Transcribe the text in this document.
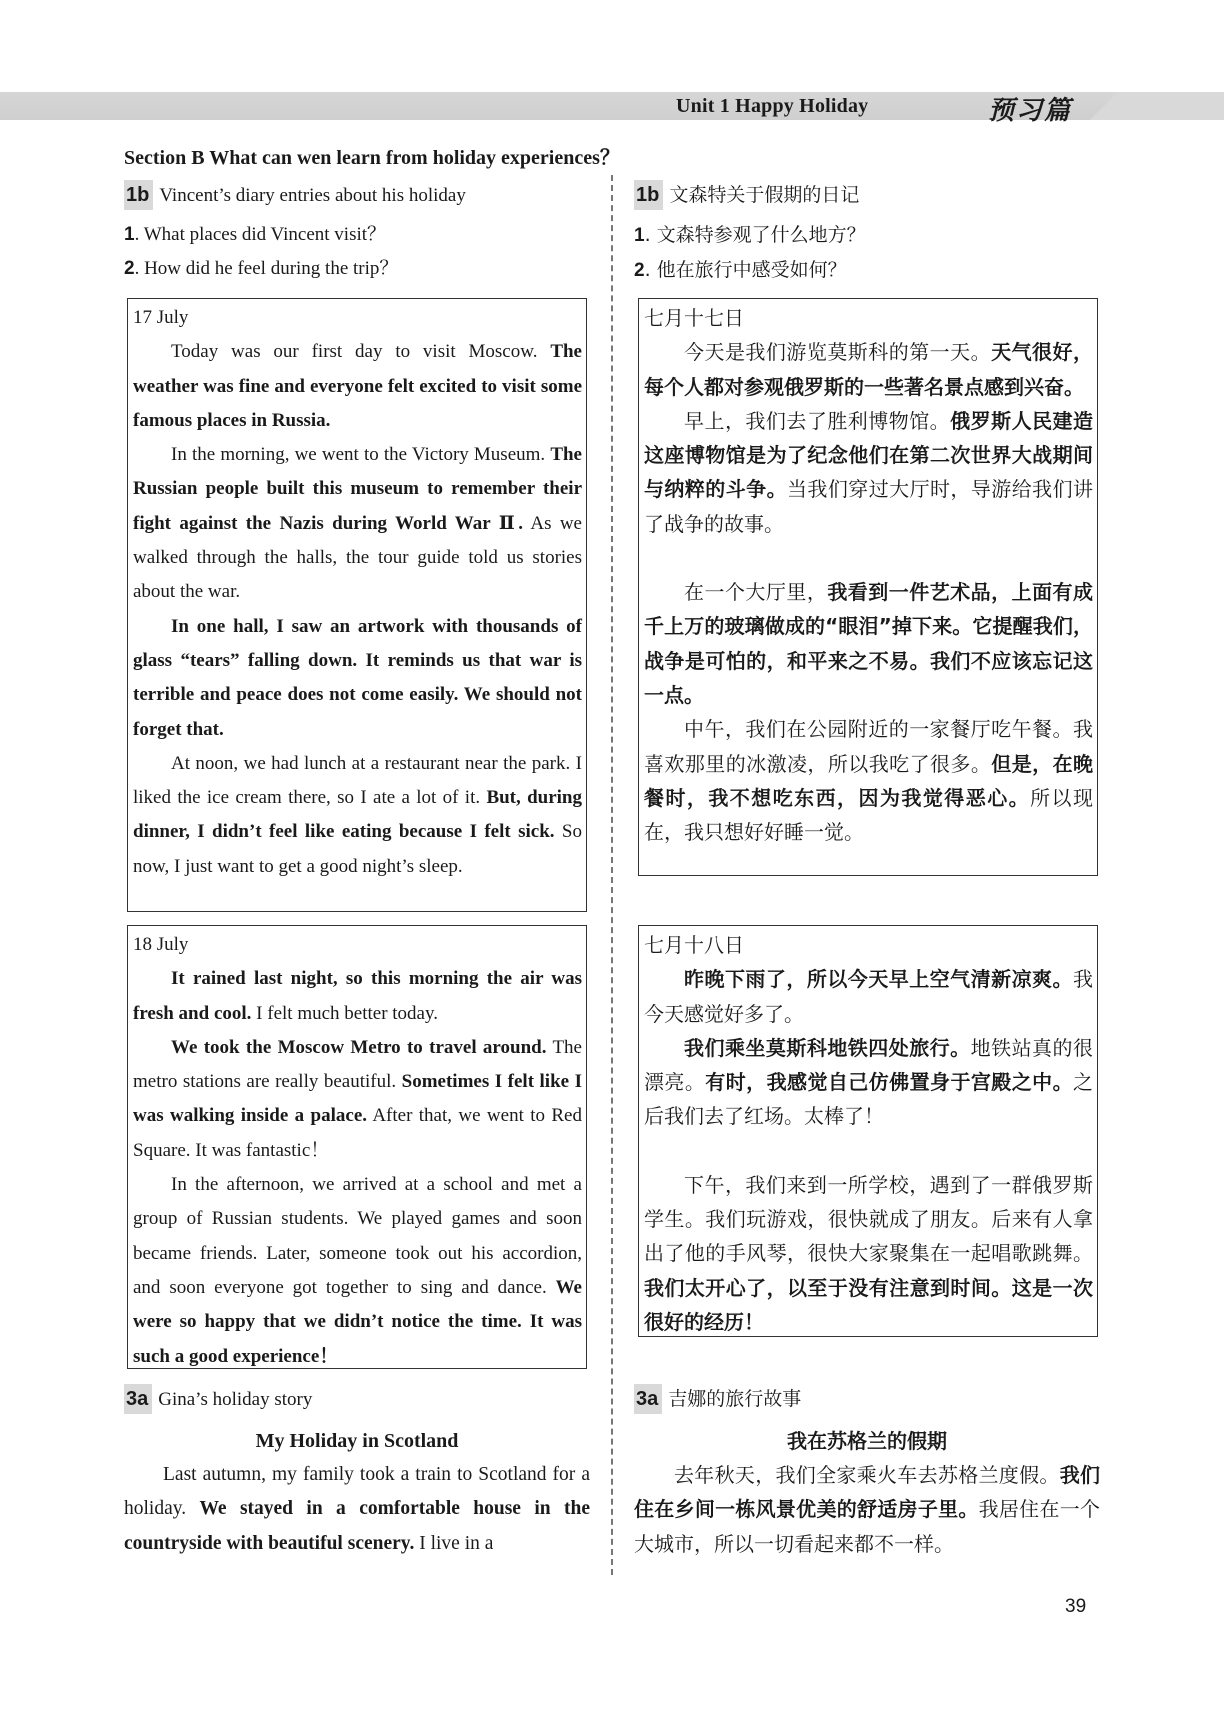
Unit 1 Happy Holiday	预习篇
Section B What can wen learn from holiday experiences？
1b Vincent’s diary entries about his holiday
1. What places did Vincent visit？
2. How did he feel during the trip？

17 July

Today was our first day to visit Moscow. The weather was fine and everyone felt excited to visit some famous places in Russia.

In the morning, we went to the Victory Museum. The Russian people built this museum to remember their fight against the Nazis during World War Ⅱ. As we walked through the halls, the tour guide told us stories about the war.

In one hall, I saw an artwork with thousands of glass “tears” falling down. It reminds us that war is terrible and peace does not come easily. We should not forget that.

At noon, we had lunch at a restaurant near the park. I liked the ice cream there, so I ate a lot of it. But, during dinner, I didn’t feel like eating because I felt sick. So now, I just want to get a good night’s sleep.

18 July

It rained last night, so this morning the air was fresh and cool. I felt much better today.

We took the Moscow Metro to travel around. The metro stations are really beautiful. Sometimes I felt like I was walking inside a palace. After that, we went to Red Square. It was fantastic！

In the afternoon, we arrived at a school and met a group of Russian students. We played games and soon became friends. Later, someone took out his accordion, and soon everyone got together to sing and dance. We were so happy that we didn’t notice the time. It was such a good experience！

3a Gina’s holiday story
My Holiday in Scotland
Last autumn, my family took a train to Scotland for a holiday. We stayed in a comfortable house in the countryside with beautiful scenery. I live in a
1b 文森特关于假期的日记
1. 文森特参观了什么地方？
2. 他在旅行中感受如何？

七月十七日

今天是我们游览莫斯科的第一天。天气很好，每个人都对参观俄罗斯的一些著名景点感到兴奋。

早上，我们去了胜利博物馆。俄罗斯人民建造这座博物馆是为了纪念他们在第二次世界大战期间与纳粹的斗争。当我们穿过大厅时，导游给我们讲了战争的故事。

在一个大厅里，我看到一件艺术品，上面有成千上万的玻璃做成的“眼泪”掉下来。它提醒我们，战争是可怕的，和平来之不易。我们不应该忘记这一点。

中午，我们在公园附近的一家餐厅吃午餐。我喜欢那里的冰激凌，所以我吃了很多。但是，在晚餐时，我不想吃东西，因为我觉得恶心。所以现在，我只想好好睡一觉。

七月十八日

昨晚下雨了，所以今天早上空气清新凉爽。我今天感觉好多了。

我们乘坐莫斯科地铁四处旅行。地铁站真的很漂亮。有时，我感觉自己仿佛置身于宫殿之中。之后我们去了红场。太棒了！

下午，我们来到一所学校，遇到了一群俄罗斯学生。我们玩游戏，很快就成了朋友。后来有人拿出了他的手风琴，很快大家聚集在一起唱歌跳舞。我们太开心了，以至于没有注意到时间。这是一次很好的经历！

3a 吉娜的旅行故事
我在苏格兰的假期
去年秋天，我们全家乘火车去苏格兰度假。我们住在乡间一栋风景优美的舒适房子里。我居住在一个大城市，所以一切看起来都不一样。
39
